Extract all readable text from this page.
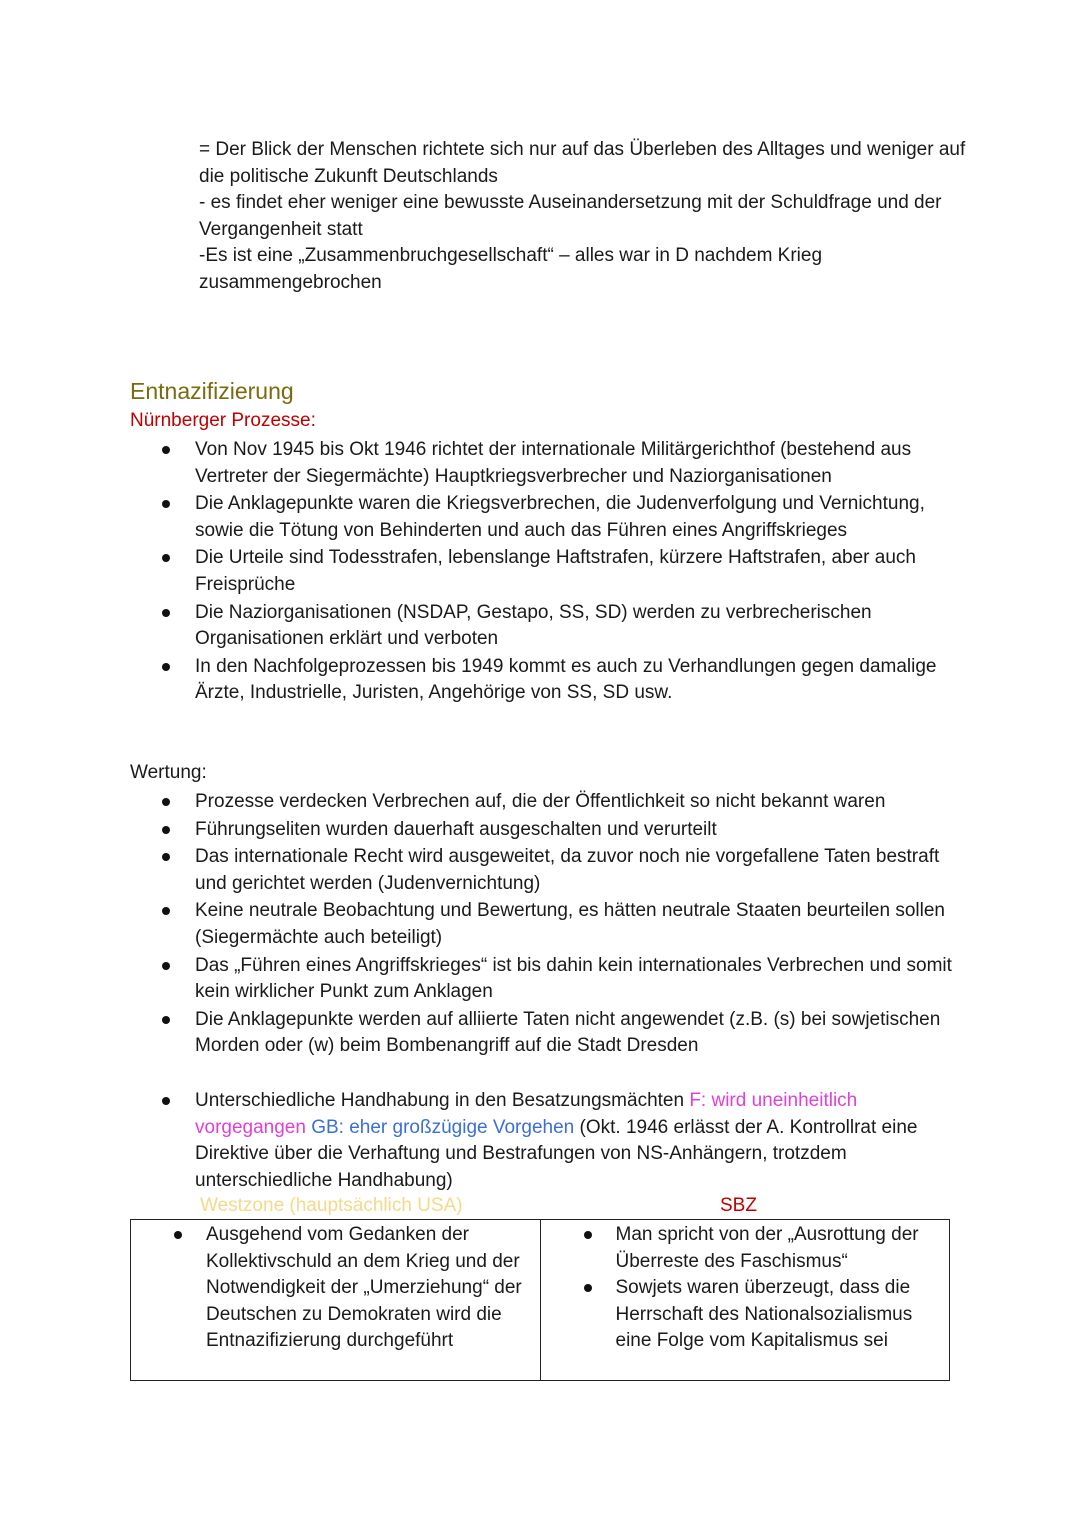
= Der Blick der Menschen richtete sich nur auf das Überleben des Alltages und weniger auf die politische Zukunft Deutschlands

- es findet eher weniger eine bewusste Auseinandersetzung mit der Schuldfrage und der Vergangenheit statt

-Es ist eine „Zusammenbruchgesellschaft“ – alles war in D nachdem Krieg zusammengebrochen

Entnazifizierung
Nürnberger Prozesse:
Von Nov 1945 bis Okt 1946 richtet der internationale Militärgerichthof (bestehend aus Vertreter der Siegermächte) Hauptkriegsverbrecher und Naziorganisationen
Die Anklagepunkte waren die Kriegsverbrechen, die Judenverfolgung und Vernichtung, sowie die Tötung von Behinderten und auch das Führen eines Angriffskrieges
Die Urteile sind Todesstrafen, lebenslange Haftstrafen, kürzere Haftstrafen, aber auch Freisprüche
Die Naziorganisationen (NSDAP, Gestapo, SS, SD) werden zu verbrecherischen Organisationen erklärt und verboten
In den Nachfolgeprozessen bis 1949 kommt es auch zu Verhandlungen gegen damalige Ärzte, Industrielle, Juristen, Angehörige von SS, SD usw.
Wertung:
Prozesse verdecken Verbrechen auf, die der Öffentlichkeit so nicht bekannt waren
Führungseliten wurden dauerhaft ausgeschalten und verurteilt
Das internationale Recht wird ausgeweitet, da zuvor noch nie vorgefallene Taten bestraft und gerichtet werden (Judenvernichtung)
Keine neutrale Beobachtung und Bewertung, es hätten neutrale Staaten beurteilen sollen (Siegermächte auch beteiligt)
Das „Führen eines Angriffskrieges“ ist bis dahin kein internationales Verbrechen und somit kein wirklicher Punkt zum Anklagen
Die Anklagepunkte werden auf alliierte Taten nicht angewendet (z.B. (s) bei sowjetischen Morden oder (w) beim Bombenangriff auf die Stadt Dresden
Unterschiedliche Handhabung in den Besatzungsmächten F: wird uneinheitlich vorgegangen GB: eher großzügige Vorgehen (Okt. 1946 erlässt der A. Kontrollrat eine Direktive über die Verhaftung und Bestrafungen von NS-Anhängern, trotzdem unterschiedliche Handhabung)
Westzone (hauptsächlich USA)	SBZ
Ausgehend vom Gedanken der Kollektivschuld an dem Krieg und der Notwendigkeit der „Umerziehung“ der Deutschen zu Demokraten wird die Entnazifizierung durchgeführt
Man spricht von der „Ausrottung der Überreste des Faschismus“
Sowjets waren überzeugt, dass die Herrschaft des Nationalsozialismus eine Folge vom Kapitalismus sei
